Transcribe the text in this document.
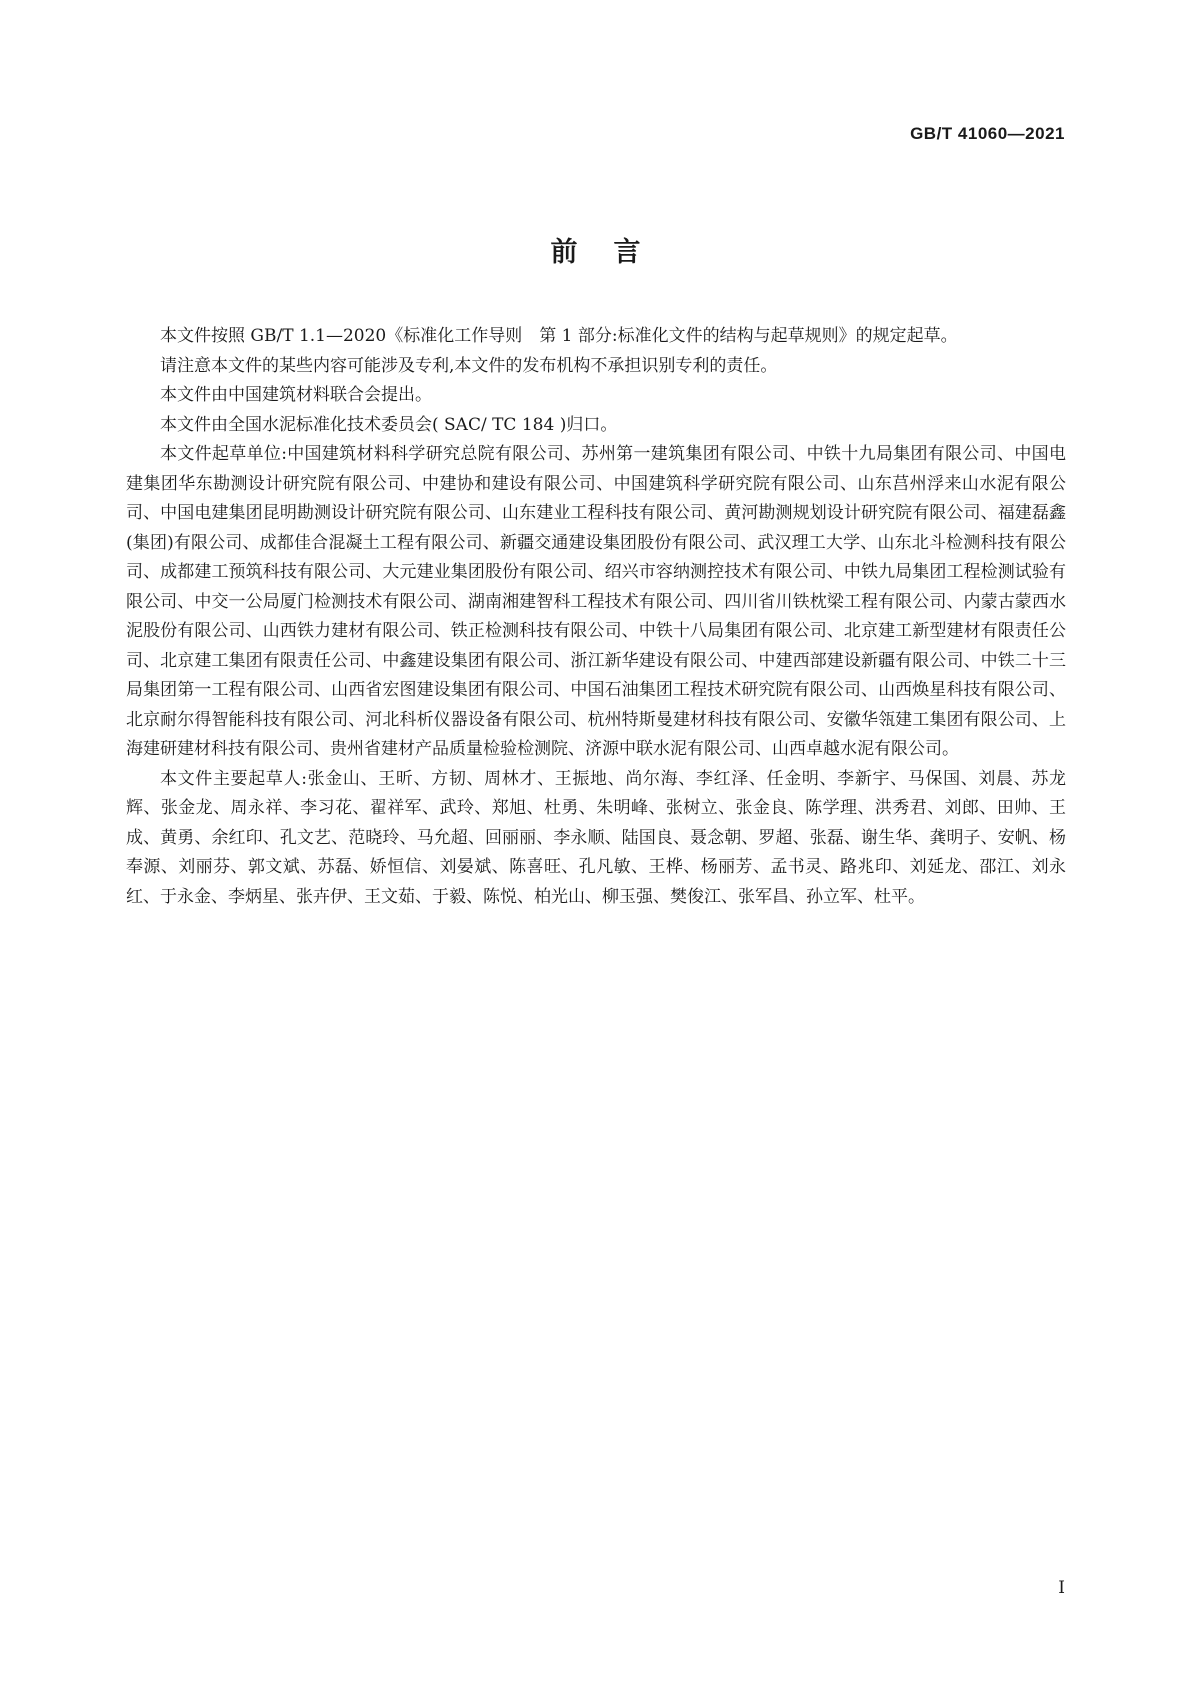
GB/T 41060—2021
前言

本文件按照 GB/T 1.1—2020《标准化工作导则　第 1 部分:标准化文件的结构与起草规则》的规定起草。

请注意本文件的某些内容可能涉及专利,本文件的发布机构不承担识别专利的责任。

本文件由中国建筑材料联合会提出。

本文件由全国水泥标准化技术委员会( SAC/ TC 184 )归口。

本文件起草单位:中国建筑材料科学研究总院有限公司、苏州第一建筑集团有限公司、中铁十九局集团有限公司、中国电建集团华东勘测设计研究院有限公司、中建协和建设有限公司、中国建筑科学研究院有限公司、山东莒州浮来山水泥有限公司、中国电建集团昆明勘测设计研究院有限公司、山东建业工程科技有限公司、黄河勘测规划设计研究院有限公司、福建磊鑫(集团)有限公司、成都佳合混凝土工程有限公司、新疆交通建设集团股份有限公司、武汉理工大学、山东北斗检测科技有限公司、成都建工预筑科技有限公司、大元建业集团股份有限公司、绍兴市容纳测控技术有限公司、中铁九局集团工程检测试验有限公司、中交一公局厦门检测技术有限公司、湖南湘建智科工程技术有限公司、四川省川铁枕梁工程有限公司、内蒙古蒙西水泥股份有限公司、山西铁力建材有限公司、铁正检测科技有限公司、中铁十八局集团有限公司、北京建工新型建材有限责任公司、北京建工集团有限责任公司、中鑫建设集团有限公司、浙江新华建设有限公司、中建西部建设新疆有限公司、中铁二十三局集团第一工程有限公司、山西省宏图建设集团有限公司、中国石油集团工程技术研究院有限公司、山西焕星科技有限公司、北京耐尔得智能科技有限公司、河北科析仪器设备有限公司、杭州特斯曼建材科技有限公司、安徽华瓴建工集团有限公司、上海建研建材科技有限公司、贵州省建材产品质量检验检测院、济源中联水泥有限公司、山西卓越水泥有限公司。

本文件主要起草人:张金山、王昕、方韧、周林才、王振地、尚尔海、李红泽、任金明、李新宇、马保国、刘晨、苏龙辉、张金龙、周永祥、李习花、翟祥军、武玲、郑旭、杜勇、朱明峰、张树立、张金良、陈学理、洪秀君、刘郎、田帅、王成、黄勇、余红印、孔文艺、范晓玲、马允超、回丽丽、李永顺、陆国良、聂念朝、罗超、张磊、谢生华、龚明子、安帆、杨奉源、刘丽芬、郭文斌、苏磊、娇恒信、刘晏斌、陈喜旺、孔凡敏、王桦、杨丽芳、孟书灵、路兆印、刘延龙、邵江、刘永红、于永金、李炳星、张卉伊、王文茹、于毅、陈悦、柏光山、柳玉强、樊俊江、张军昌、孙立军、杜平。

I
